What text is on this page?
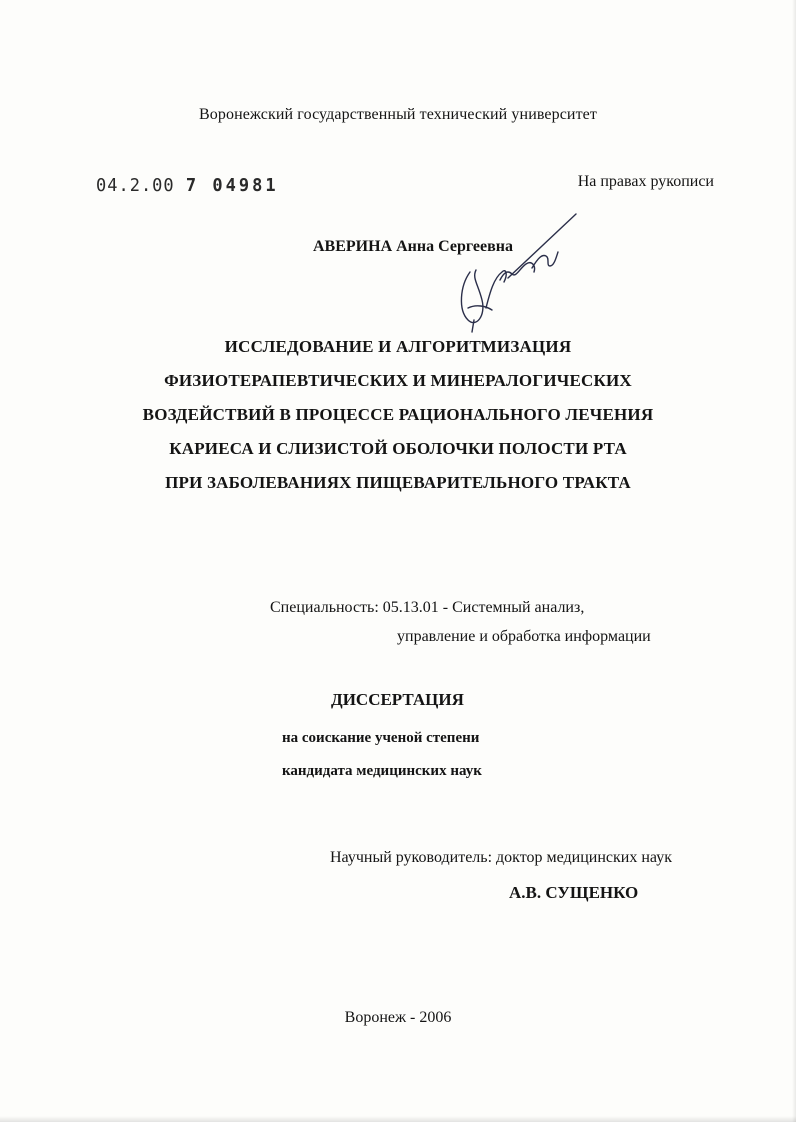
Воронежский государственный технический университет
04.2.00 7 04981	На правах рукописи
АВЕРИНА Анна Сергеевна
ИССЛЕДОВАНИЕ И АЛГОРИТМИЗАЦИЯ
ФИЗИОТЕРАПЕВТИЧЕСКИХ И МИНЕРАЛОГИЧЕСКИХ
ВОЗДЕЙСТВИЙ В ПРОЦЕССЕ РАЦИОНАЛЬНОГО ЛЕЧЕНИЯ
КАРИЕСА И СЛИЗИСТОЙ ОБОЛОЧКИ ПОЛОСТИ РТА
ПРИ ЗАБОЛЕВАНИЯХ ПИЩЕВАРИТЕЛЬНОГО ТРАКТА
Специальность: 05.13.01 - Системный анализ,
управление и обработка информации
ДИССЕРТАЦИЯ
на соискание ученой степени
кандидата медицинских наук
Научный руководитель: доктор медицинских наук
А.В. СУЩЕНКО
Воронеж - 2006
